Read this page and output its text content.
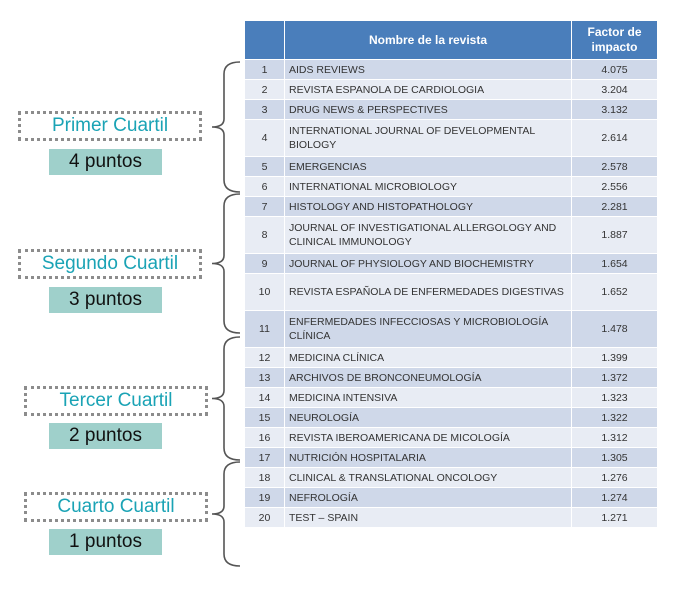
	Nombre de la revista	Factor de impacto
1	AIDS REVIEWS	4.075
2	REVISTA ESPANOLA DE CARDIOLOGIA	3.204
3	DRUG NEWS & PERSPECTIVES	3.132
4	INTERNATIONAL JOURNAL OF DEVELOPMENTAL BIOLOGY	2.614
5	EMERGENCIAS	2.578
6	INTERNATIONAL MICROBIOLOGY	2.556
7	HISTOLOGY AND HISTOPATHOLOGY	2.281
8	JOURNAL OF INVESTIGATIONAL ALLERGOLOGY AND CLINICAL IMMUNOLOGY	1.887
9	JOURNAL OF PHYSIOLOGY AND BIOCHEMISTRY	1.654
10	REVISTA ESPAÑOLA DE ENFERMEDADES DIGESTIVAS	1.652
11	ENFERMEDADES INFECCIOSAS Y MICROBIOLOGÍA CLÍNICA	1.478
12	MEDICINA CLÍNICA	1.399
13	ARCHIVOS DE BRONCONEUMOLOGÍA	1.372
14	MEDICINA INTENSIVA	1.323
15	NEUROLOGÍA	1.322
16	REVISTA IBEROAMERICANA DE MICOLOGÍA	1.312
17	NUTRICIÓN HOSPITALARIA	1.305
18	CLINICAL & TRANSLATIONAL ONCOLOGY	1.276
19	NEFROLOGÍA	1.274
20	TEST – SPAIN	1.271
Primer Cuartil
4 puntos
Segundo Cuartil
3 puntos
Tercer Cuartil
2 puntos
Cuarto Cuartil
1 puntos
